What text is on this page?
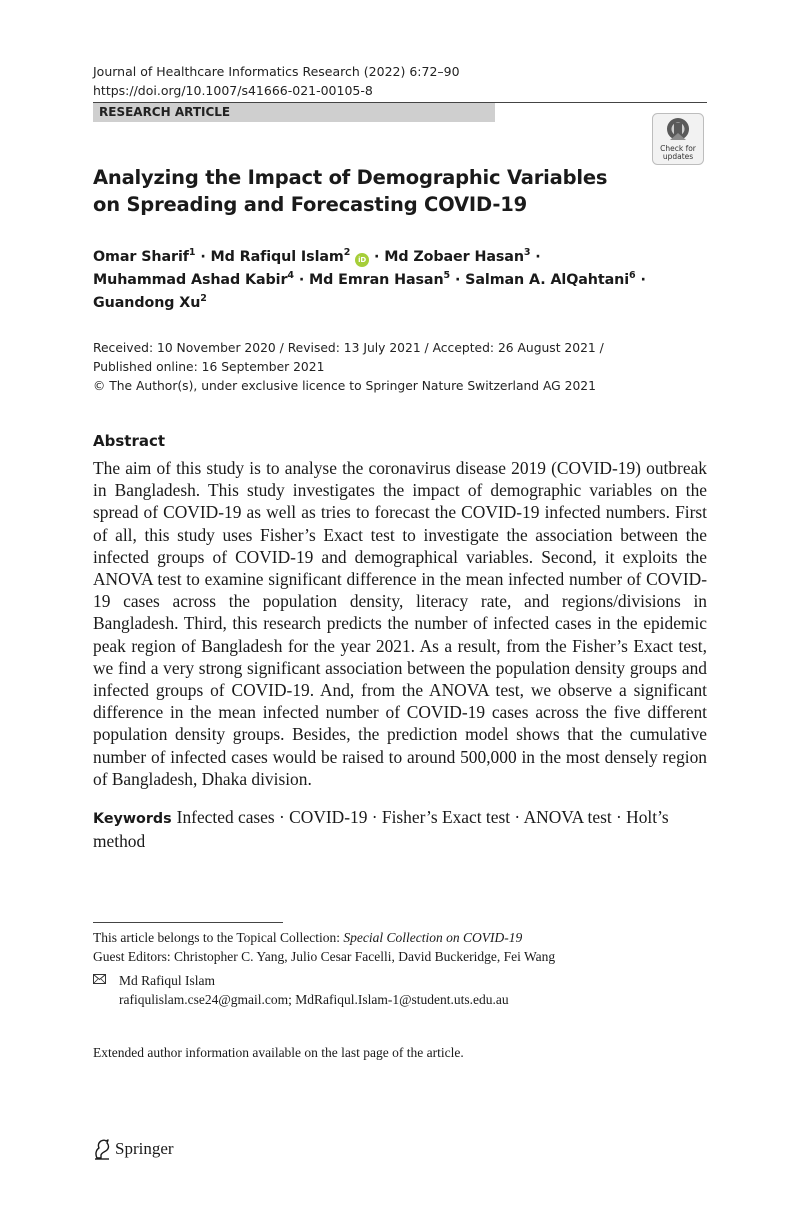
Journal of Healthcare Informatics Research (2022) 6:72–90
https://doi.org/10.1007/s41666-021-00105-8
RESEARCH ARTICLE
Check for
updates
Analyzing the Impact of Demographic Variables
on Spreading and Forecasting COVID-19
Omar Sharif$^1$ · Md Rafiqul Islam$^2$ iD · Md Zobaer Hasan$^3$ ·
Muhammad Ashad Kabir$^4$ · Md Emran Hasan$^5$ · Salman A. AlQahtani$^6$ ·
Guandong Xu$^2$
Received: 10 November 2020 / Revised: 13 July 2021 / Accepted: 26 August 2021 /
Published online: 16 September 2021
© The Author(s), under exclusive licence to Springer Nature Switzerland AG 2021
Abstract
The aim of this study is to analyse the coronavirus disease 2019 (COVID-19) outbreak in Bangladesh. This study investigates the impact of demographic variables on the spread of COVID-19 as well as tries to forecast the COVID-19 infected numbers. First of all, this study uses Fisher’s Exact test to investigate the association between the infected groups of COVID-19 and demographical variables. Second, it exploits the ANOVA test to examine significant difference in the mean infected number of COVID-19 cases across the population density, literacy rate, and regions/divisions in Bangladesh. Third, this research predicts the number of infected cases in the epidemic peak region of Bangladesh for the year 2021. As a result, from the Fisher’s Exact test, we find a very strong significant association between the population density groups and infected groups of COVID-19. And, from the ANOVA test, we observe a significant difference in the mean infected number of COVID-19 cases across the five different population density groups. Besides, the prediction model shows that the cumulative number of infected cases would be raised to around 500,000 in the most densely region of Bangladesh, Dhaka division.
Keywords Infected cases · COVID-19 · Fisher’s Exact test · ANOVA test · Holt’s method
This article belongs to the Topical Collection: Special Collection on COVID-19
Guest Editors: Christopher C. Yang, Julio Cesar Facelli, David Buckeridge, Fei Wang
Md Rafiqul Islam
rafiqulislam.cse24@gmail.com; MdRafiqul.Islam-1@student.uts.edu.au
Extended author information available on the last page of the article.
Springer
